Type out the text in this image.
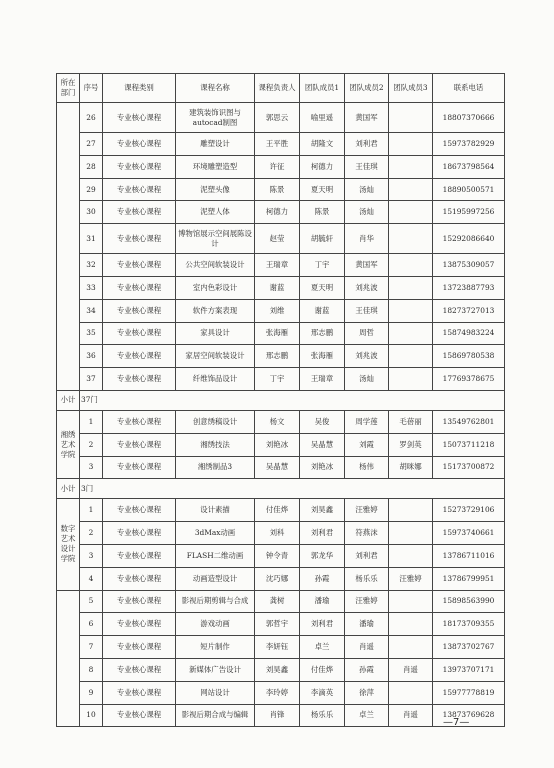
所在部门	序号	课程类别	课程名称	课程负责人	团队成员1	团队成员2	团队成员3	联系电话
	26	专业核心课程	建筑装饰识图与autocad制图	郭思云	喻里遥	黄国军		18807370666
	27	专业核心课程	雕塑设计	王平胜	胡隆文	刘利君		15973782929
	28	专业核心课程	环境雕塑造型	许征	柯德力	王佳琪		18673798564
	29	专业核心课程	泥塑头像	陈景	夏天明	汤灿		18890500571
	30	专业核心课程	泥塑人体	柯德力	陈景	汤灿		15195997256
	31	专业核心课程	博物馆展示空间展陈设计	赵莹	胡毓轩	肖华		15292086640
	32	专业核心课程	公共空间软装设计	王瑞章	丁宇	黄国军		13875309057
	33	专业核心课程	室内色彩设计	谢蓝	夏天明	刘兆波		13723887793
	34	专业核心课程	软件方案表现	刘维	谢蓝	王佳琪		18273727013
	35	专业核心课程	家具设计	张海雁	邢志鹏	周哲		15874983224
	36	专业核心课程	家居空间软装设计	邢志鹏	张海雁	刘兆波		15869780538
	37	专业核心课程	纤维饰品设计	丁宇	王瑞章	汤灿		17769378675
小计	37门							
湘绣艺术学院	1	专业核心课程	创意绣稿设计	杨文	吴俊	周学莲	毛蓓丽	13549762801
	2	专业核心课程	湘绣技法	刘艳冰	吴晶慧	刘霞	罗剑英	15073711218
	3	专业核心课程	湘绣制品3	吴晶慧	刘艳冰	杨伟	胡咪娜	15173700872
小计	3门							
数字艺术设计学院	1	专业核心课程	设计素描	付佳烨	刘昊鑫	汪雅婷		15273729106
	2	专业核心课程	3dMax动画	刘科	刘利君	符燕沫		15973740661
	3	专业核心课程	FLASH二维动画	钟令青	郭龙华	刘利君		13786711016
	4	专业核心课程	动画造型设计	沈巧娜	孙霞	杨乐乐	汪雅婷	13786799951
	5	专业核心课程	影视后期剪辑与合成	龚树	潘瑜	汪雅婷		15898563990
	6	专业核心课程	游戏动画	郭哲宇	刘利君	潘瑜		18173709355
	7	专业核心课程	短片制作	李妍钰	卓兰	肖遥		13873702767
	8	专业核心课程	新媒体广告设计	刘昊鑫	付佳烨	孙霞	肖遥	13973707171
	9	专业核心课程	网站设计	李玲婷	李滴英	徐萍		15977778819
	10	专业核心课程	影视后期合成与编辑	肖锋	杨乐乐	卓兰	肖遥	13873769628
—7—
